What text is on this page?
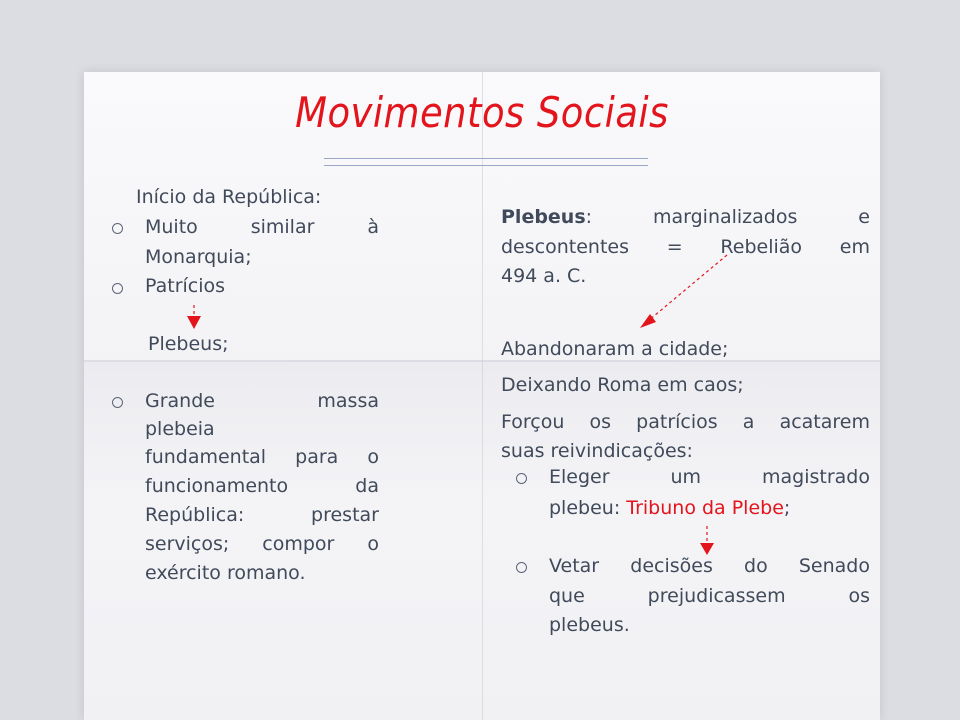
Movimentos Sociais
Início da República:
Muito similar à
Monarquia;
Patrícios
Plebeus;
Grande massa
plebeia
fundamental para o
funcionamento da
República: prestar
serviços; compor o
exército romano.
Plebeus: marginalizados e
descontentes = Rebelião em
494 a. C.
Abandonaram a cidade;
Deixando Roma em caos;
Forçou os patrícios a acatarem
suas reivindicações:
Eleger um magistrado
plebeu: Tribuno da Plebe;
Vetar decisões do Senado
que prejudicassem os
plebeus.
